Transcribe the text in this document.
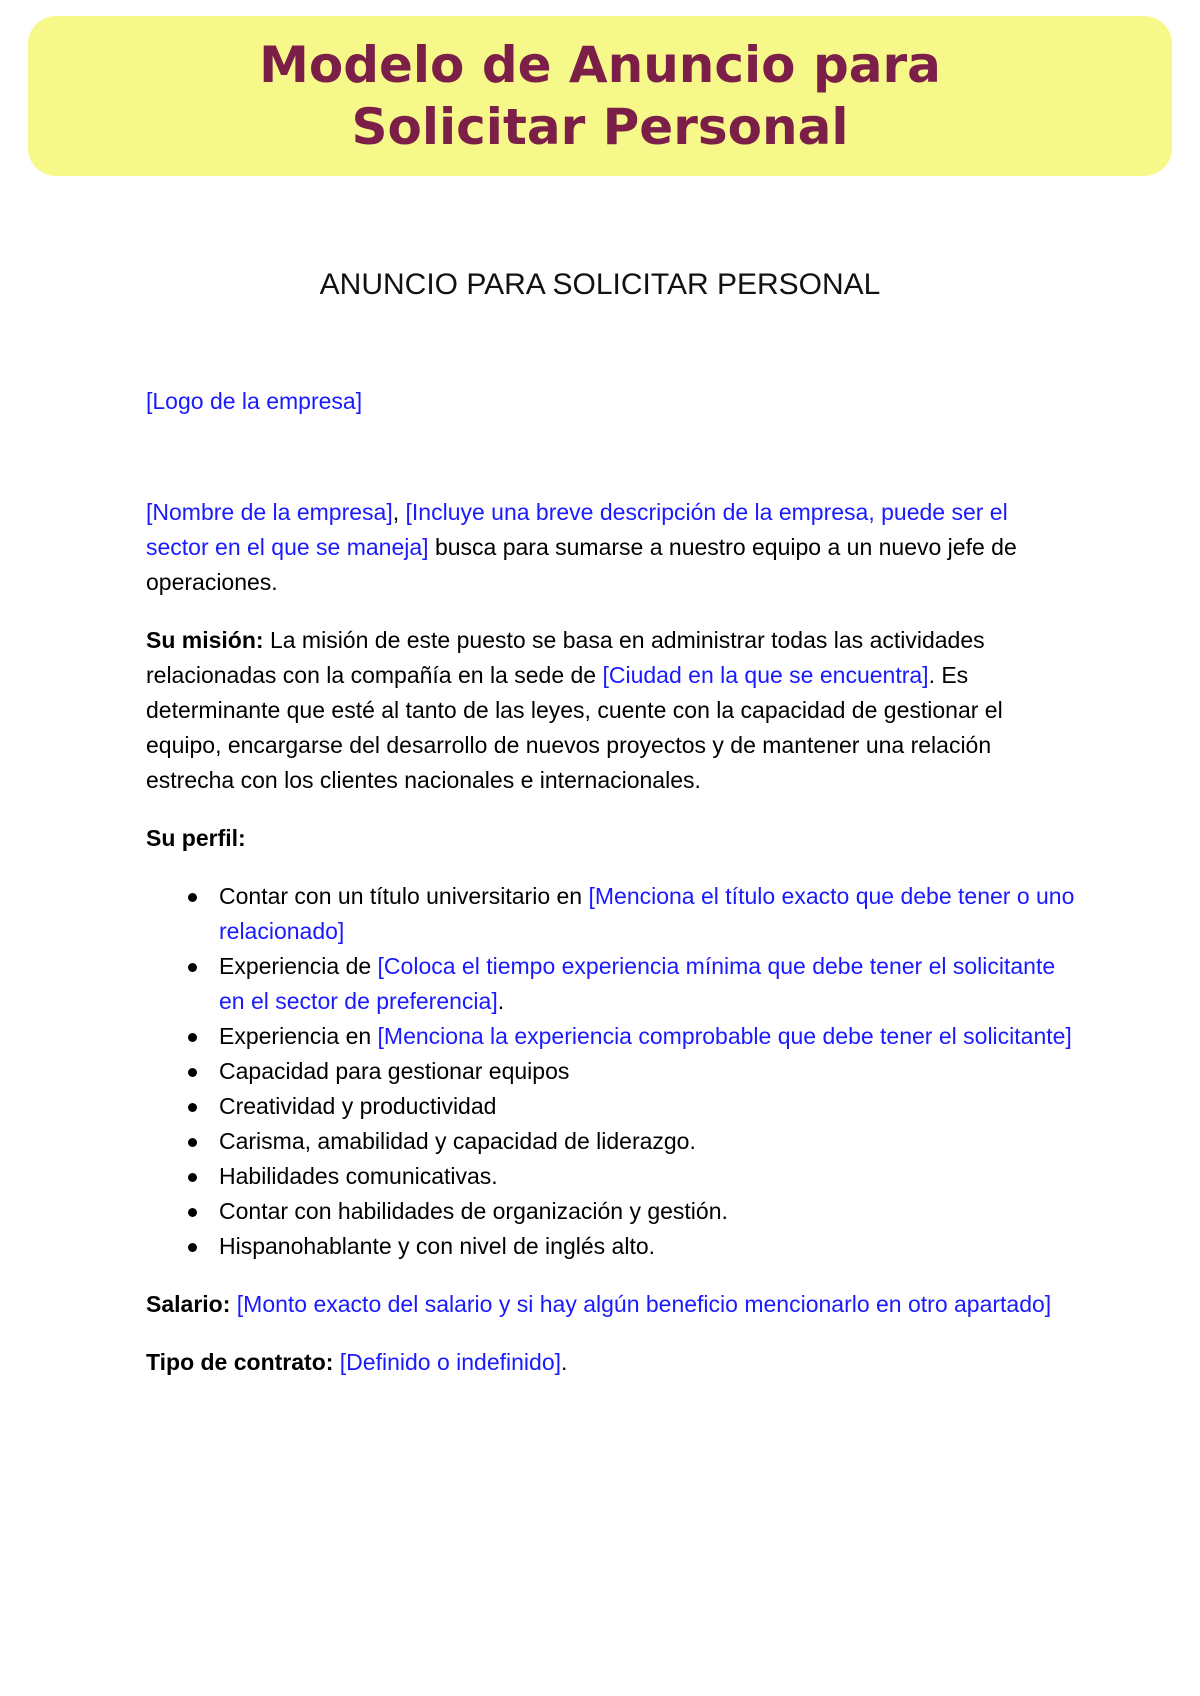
Modelo de Anuncio para
Solicitar Personal
ANUNCIO PARA SOLICITAR PERSONAL

[Logo de la empresa]

[Nombre de la empresa], [Incluye una breve descripción de la empresa, puede ser el sector en el que se maneja] busca para sumarse a nuestro equipo a un nuevo jefe de operaciones.

Su misión: La misión de este puesto se basa en administrar todas las actividades relacionadas con la compañía en la sede de [Ciudad en la que se encuentra]. Es determinante que esté al tanto de las leyes, cuente con la capacidad de gestionar el equipo, encargarse del desarrollo de nuevos proyectos y de mantener una relación estrecha con los clientes nacionales e internacionales.

Su perfil:

Contar con un título universitario en [Menciona el título exacto que debe tener o uno relacionado]
Experiencia de [Coloca el tiempo experiencia mínima que debe tener el solicitante en el sector de preferencia].
Experiencia en [Menciona la experiencia comprobable que debe tener el solicitante]
Capacidad para gestionar equipos
Creatividad y productividad
Carisma, amabilidad y capacidad de liderazgo.
Habilidades comunicativas.
Contar con habilidades de organización y gestión.
Hispanohablante y con nivel de inglés alto.

Salario: [Monto exacto del salario y si hay algún beneficio mencionarlo en otro apartado]

Tipo de contrato: [Definido o indefinido].
